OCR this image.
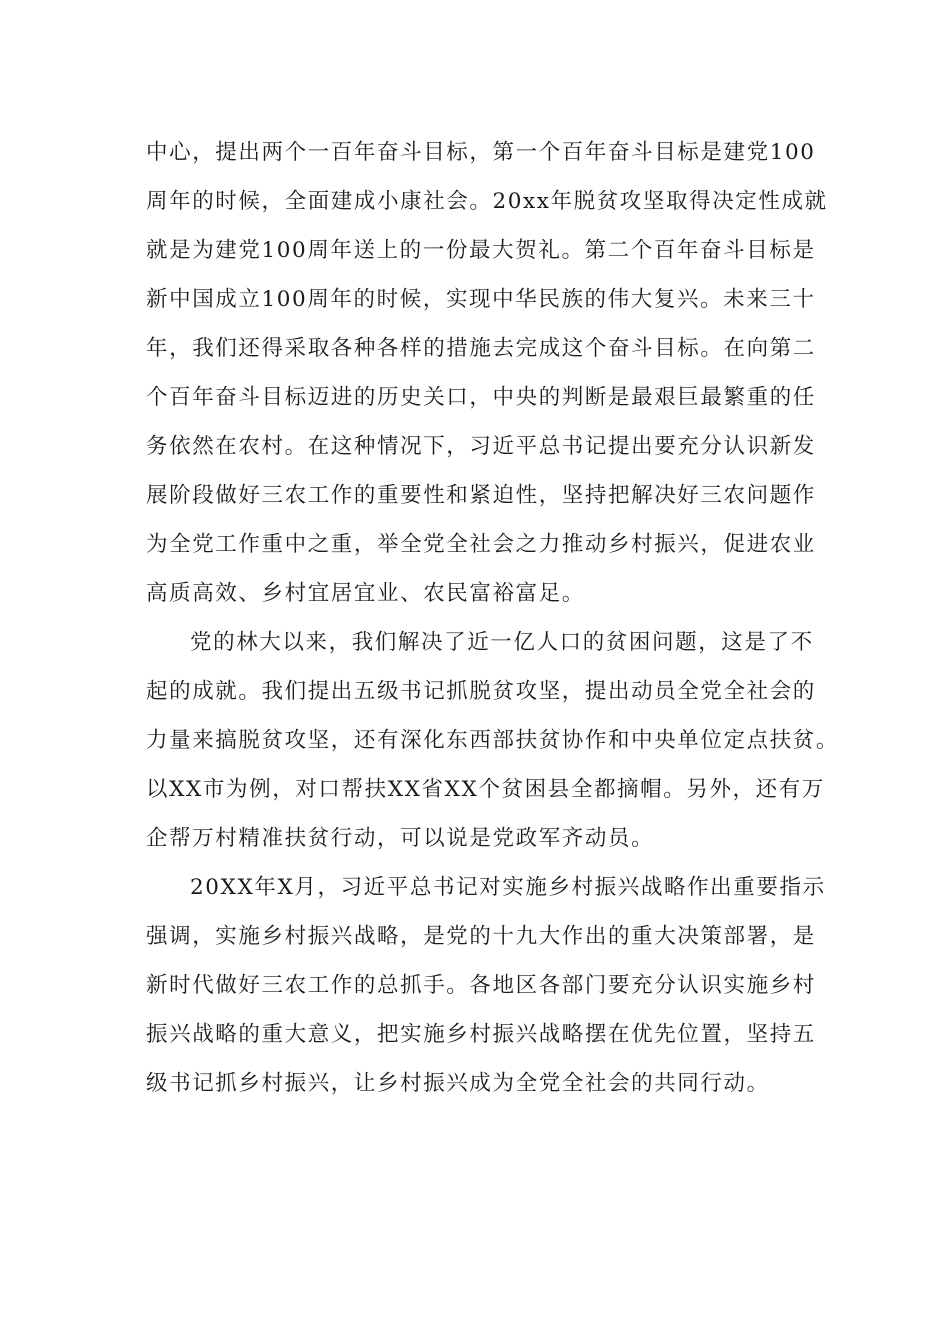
中心，提出两个一百年奋斗目标，第一个百年奋斗目标是建党100
周年的时候，全面建成小康社会。20xx年脱贫攻坚取得决定性成就
就是为建党100周年送上的一份最大贺礼。第二个百年奋斗目标是
新中国成立100周年的时候，实现中华民族的伟大复兴。未来三十
年，我们还得采取各种各样的措施去完成这个奋斗目标。在向第二
个百年奋斗目标迈进的历史关口，中央的判断是最艰巨最繁重的任
务依然在农村。在这种情况下，习近平总书记提出要充分认识新发
展阶段做好三农工作的重要性和紧迫性，坚持把解决好三农问题作
为全党工作重中之重，举全党全社会之力推动乡村振兴，促进农业
高质高效、乡村宜居宜业、农民富裕富足。
党的林大以来，我们解决了近一亿人口的贫困问题，这是了不
起的成就。我们提出五级书记抓脱贫攻坚，提出动员全党全社会的
力量来搞脱贫攻坚，还有深化东西部扶贫协作和中央单位定点扶贫。
以XX市为例，对口帮扶XX省XX个贫困县全都摘帽。另外，还有万
企帮万村精准扶贫行动，可以说是党政军齐动员。
20XX年X月，习近平总书记对实施乡村振兴战略作出重要指示
强调，实施乡村振兴战略，是党的十九大作出的重大决策部署，是
新时代做好三农工作的总抓手。各地区各部门要充分认识实施乡村
振兴战略的重大意义，把实施乡村振兴战略摆在优先位置，坚持五
级书记抓乡村振兴，让乡村振兴成为全党全社会的共同行动。
